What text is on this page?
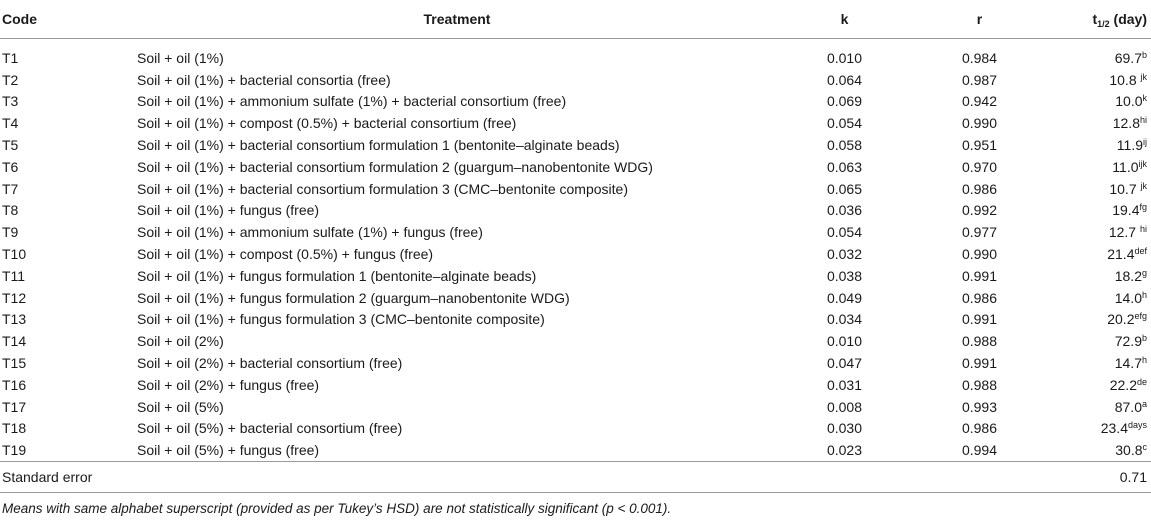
Code	Treatment	k	r	$t_{1/2}$ (day)
T1	Soil + oil (1%)	0.010	0.984	69.7$^b$
T2	Soil + oil (1%) + bacterial consortia (free)	0.064	0.987	10.8 $^{jk}$
T3	Soil + oil (1%) + ammonium sulfate (1%) + bacterial consortium (free)	0.069	0.942	10.0$^k$
T4	Soil + oil (1%) + compost (0.5%) + bacterial consortium (free)	0.054	0.990	$12.8^{hi}$
T5	Soil + oil (1%) + bacterial consortium formulation 1 (bentonite–alginate beads)	0.058	0.951	$11.9^{ij}$
T6	Soil + oil (1%) + bacterial consortium formulation 2 (guargum–nanobentonite WDG)	0.063	0.970	$11.0^{ijk}$
T7	Soil + oil (1%) + bacterial consortium formulation 3 (CMC–bentonite composite)	0.065	0.986	10.7 $^{jk}$
T8	Soil + oil (1%) + fungus (free)	0.036	0.992	19.4$^{fg}$
T9	Soil + oil (1%) + ammonium sulfate (1%) + fungus (free)	0.054	0.977	12.7 $^{hi}$
T10	Soil + oil (1%) + compost (0.5%) + fungus (free)	0.032	0.990	21.4$^{def}$
T11	Soil + oil (1%) + fungus formulation 1 (bentonite–alginate beads)	0.038	0.991	18.2$^g$
T12	Soil + oil (1%) + fungus formulation 2 (guargum–nanobentonite WDG)	0.049	0.986	14.0$^h$
T13	Soil + oil (1%) + fungus formulation 3 (CMC–bentonite composite)	0.034	0.991	20.2$^{efg}$
T14	Soil + oil (2%)	0.010	0.988	72.9$^b$
T15	Soil + oil (2%) + bacterial consortium (free)	0.047	0.991	14.7$^h$
T16	Soil + oil (2%) + fungus (free)	0.031	0.988	22.2de
T17	Soil + oil (5%)	0.008	0.993	87.0$^a$
T18	Soil + oil (5%) + bacterial consortium (free)	0.030	0.986	$23.4^{days}$
T19	Soil + oil (5%) + fungus (free)	0.023	0.994	30.8$^c$
Standard error				0.71
Means with same alphabet superscript (provided as per Tukey’s HSD) are not statistically significant (p < 0.001).
